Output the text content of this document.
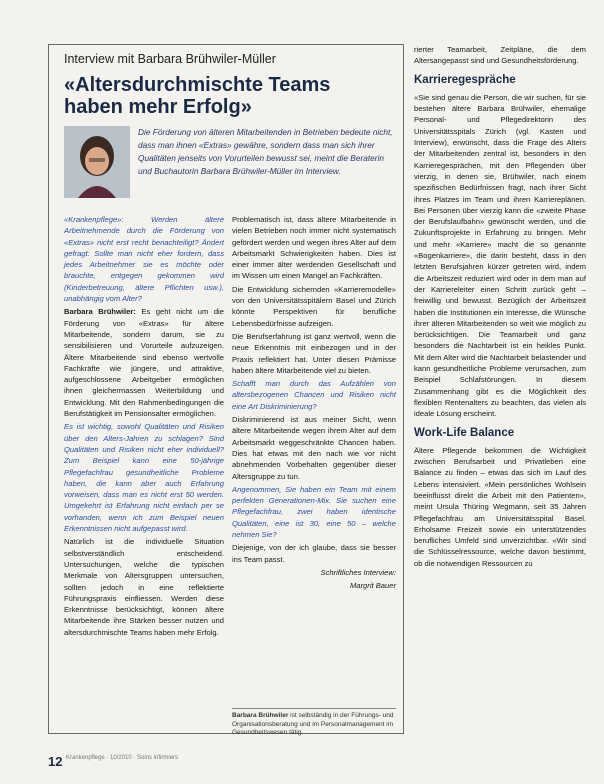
Interview mit Barbara Brühwiler-Müller
«Altersdurchmischte Teams haben mehr Erfolg»
Die Förderung von älteren Mitarbeitenden in Betrieben bedeute nicht, dass man ihnen «Extras» gewähre, sondern dass man sich ihrer Qualitäten jenseits von Vorurteilen bewusst sei, meint die Beraterin und Buchautorin Barbara Brühwiler-Müller im Interview.

«Krankenpflege»: Werden ältere Arbeitnehmende durch die Förderung von «Extras» nicht erst recht benachteiligt? Ändert gefragt: Sollte man nicht eher fordern, dass jedes Arbeitnehmer sie es möchte oder brauchte, entgegen gekommen wird (Kinderbetreuung, ältere Pflichten usw.), unabhängig vom Alter?

Barbara Brühwiler: Es geht nicht um die Förderung von «Extras» für ältere Mitarbeitende, sondern darum, sie zu sensibilisieren und Vorurteile aufzuzeigen. Ältere Mitarbeitende sind ebenso wertvolle Fachkräfte wie jüngere, und attraktive, aufgeschlossene Arbeitgeber ermöglichen ihnen gleichermassen Weiterbildung und Entwicklung. Mit den Rahmenbedingungen die Berufstätigkeit im Pensionsalter ermöglichen.

Es ist wichtig, sowohl Qualitäten und Risiken über den Alters-Jahren zu schlagen? Sind Qualitäten und Risiken nicht eher individuell? Zum Beispiel kann eine 50-jährige Pflegefachfrau gesundheitliche Probleme haben, die kann aber auch Erfahrung vorweisen, dass man es nicht erst 50 werden. Umgekehrt ist Erfahrung nicht einfach per se vorhanden, wenn ich zum Beispiel neuen Erkenntnissen nicht aufgepasst wird.

Natürlich ist die individuelle Situation selbstverständlich entscheidend. Untersuchungen, welche die typischen Merkmale von Altersgruppen untersuchen, sollten jedoch in eine reflektierte Führungspraxis einfliessen. Werden diese Erkenntnisse berücksichtigt, können ältere Mitarbeitende ihre Stärken besser nutzen und altersdurchmischte Teams haben mehr Erfolg.

Problematisch ist, dass ältere Mitarbeitende in vielen Betrieben noch immer nicht systematisch gefördert werden und wegen ihres Alter auf dem Arbeitsmarkt Schwierigkeiten haben. Dies ist einer immer älter werdenden Gesellschaft und im Wissen um einen Mangel an Fachkräften.

Die Entwicklung sichernden «Karrieremodelle» von den Universitätsspitälern Basel und Zürich könnte Perspektiven für berufliche Lebensbedürfnisse aufzeigen.

Die Berufserfahrung ist ganz wertvoll, wenn die neue Erkenntnis mit einbezogen und in der Praxis reflektiert hat. Unter diesen Prämisse haben ältere Mitarbeitende viel zu bieten.

Schafft man durch das Aufzählen von altersbezogenen Chancen und Risiken nicht eine Art Diskriminierung?

Diskriminierend ist aus meiner Sicht, wenn ältere Mitarbeitende wegen ihrem Alter auf dem Arbeitsmarkt weggeschränkte Chancen haben. Dies hat etwas mit den nach wie vor nicht abnehmenden Vorbehalten gegenüber dieser Altersgruppe zu tun.

Angenommen, Sie haben ein Team mit einem perfekten Generationen-Mix. Sie suchen eine Pflegefachfrau, zwei haben identische Qualitäten, eine ist 30, eine 50 – welche nehmen Sie?

Diejenige, von der ich glaube, dass sie besser ins Team passt.

Schriftliches Interview:
Margrit Bauer
Barbara Brühwiler ist selbständig in der Führungs- und Organisationsberatung und im Personalmanagement im Gesundheitswesen tätig.

rierter Teamarbeit, Zeitpläne, die dem Altersangepasst sind und Gesundheitsförderung.

Karrieregespräche

«Sie sind genau die Person, die wir suchen, für sie bestehen ältere Barbara Brühwiler, ehemalige Personal- und Pflegedirektorin des Universitätsspitals Zürich (vgl. Kasten und Interview), erwünscht, dass die Frage des Alters der Mitarbeitenden zentral ist, besonders in den Karrieregesprächen, mit den Pflegenden über vierzig, in denen sie, Brühwiler, nach einem spezifischen Bedürfnissen fragt, nach ihrer Sicht ihres Platzes im Team und ihren Karriereplänen. Bei Personen über vierzig kann die «zweite Phase der Berufslaufbahn» gewünscht werden, und die Zukunftsprojekte in Erfahrung zu bringen. Mehr und mehr «Karriere» macht die so genannte «Bogenkarriere», die darin besteht, dass in den letzten Berufsjahren kürzer getreten wird, indem die Arbeitszeit reduziert wird oder in dem man auf der Karriereleiter einen Schritt zurück geht – freiwillig und bewusst. Bezüglich der Arbeitszeit haben die Institutionen ein Interesse, die Wünsche ihrer älteren Mitarbeitenden so weit wie möglich zu berücksichtigen. Die Teamarbeit und ganz besonders die Nachtarbeit ist ein heikles Punkt. Mit dem Alter wird die Nachtarbeit belastender und kann gesundheitliche Probleme verursachen, zum Beispiel Schlafstörungen. In diesem Zusammenhang gibt es die Möglichkeit des flexiblen Rentenalters zu beachten, das vielen als ideale Lösung erscheint.

Work-Life Balance

Ältere Pflegende bekommen die Wichtigkeit zwischen Berufsarbeit und Privatleben eine Balance zu finden – etwas das sich im Lauf des Lebens intensiviert. «Mein persönliches Wohlsein beeinflusst direkt die Arbeit mit den Patienten», meint Ursula Thüring Wegmann, seit 35 Jahren Pflegefachfrau am Universitätsspital Basel. Erholsame Freizeit sowie ein unterstützendes berufliches Umfeld sind unverzichtbar. «Wir sind die Schlüsselressource, welche davon bestimmt, ob die notwendigen Ressourcen zu

12 Krankenpflege · 10/2010 · Soins infirmiers
